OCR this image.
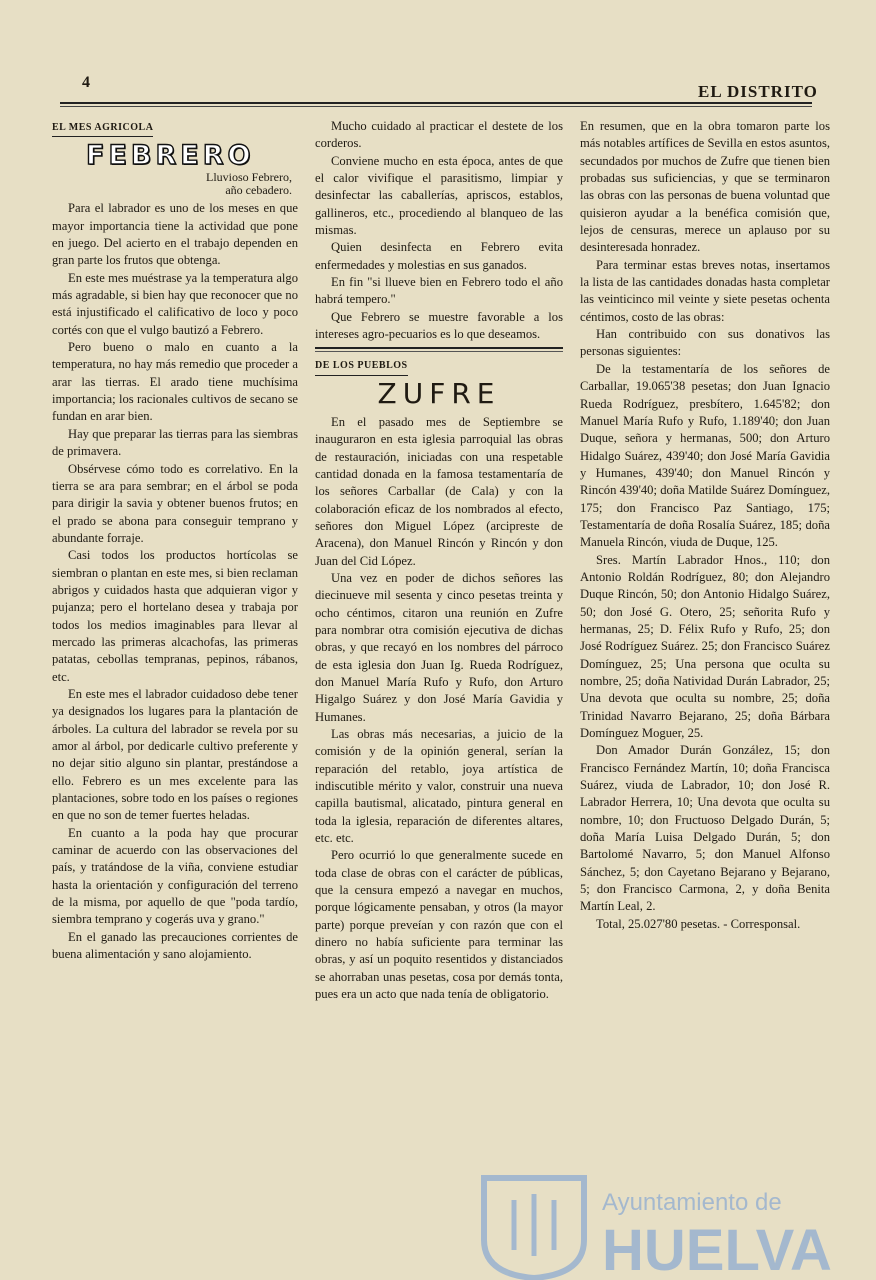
4	EL DISTRITO
EL MES AGRICOLA
FEBRERO
Lluvioso Febrero,
año cebadero.

Para el labrador es uno de los meses en que mayor importancia tiene la actividad que pone en juego. Del acierto en el trabajo dependen en gran parte los frutos que obtenga.

En este mes muéstrase ya la temperatura algo más agradable, si bien hay que reconocer que no está injustificado el calificativo de loco y poco cortés con que el vulgo bautizó a Febrero.

Pero bueno o malo en cuanto a la temperatura, no hay más remedio que proceder a arar las tierras. El arado tiene muchísima importancia; los racionales cultivos de secano se fundan en arar bien.

Hay que preparar las tierras para las siembras de primavera.

Obsérvese cómo todo es correlativo. En la tierra se ara para sembrar; en el árbol se poda para dirigir la savia y obtener buenos frutos; en el prado se abona para conseguir temprano y abundante forraje.

Casi todos los productos hortícolas se siembran o plantan en este mes, si bien reclaman abrigos y cuidados hasta que adquieran vigor y pujanza; pero el hortelano desea y trabaja por todos los medios imaginables para llevar al mercado las primeras alcachofas, las primeras patatas, cebollas tempranas, pepinos, rábanos, etc.

En este mes el labrador cuidadoso debe tener ya designados los lugares para la plantación de árboles. La cultura del labrador se revela por su amor al árbol, por dedicarle cultivo preferente y no dejar sitio alguno sin plantar, prestándose a ello. Febrero es un mes excelente para las plantaciones, sobre todo en los países o regiones en que no son de temer fuertes heladas.

En cuanto a la poda hay que procurar caminar de acuerdo con las observaciones del país, y tratándose de la viña, conviene estudiar hasta la orientación y configuración del terreno de la misma, por aquello de que "poda tardío, siembra temprano y cogerás uva y grano."

En el ganado las precauciones corrientes de buena alimentación y sano alojamiento.

Mucho cuidado al practicar el destete de los corderos.

Conviene mucho en esta época, antes de que el calor vivifique el parasitismo, limpiar y desinfectar las caballerías, apriscos, establos, gallineros, etc., procediendo al blanqueo de las mismas.

Quien desinfecta en Febrero evita enfermedades y molestias en sus ganados.

En fin "si llueve bien en Febrero todo el año habrá tempero."

Que Febrero se muestre favorable a los intereses agro-pecuarios es lo que deseamos.

DE LOS PUEBLOS
ZUFRE

En el pasado mes de Septiembre se inauguraron en esta iglesia parroquial las obras de restauración, iniciadas con una respetable cantidad donada en la famosa testamentaría de los señores Carballar (de Cala) y con la colaboración eficaz de los nombrados al efecto, señores don Miguel López (arcipreste de Aracena), don Manuel Rincón y Rincón y don Juan del Cid López.

Una vez en poder de dichos señores las diecinueve mil sesenta y cinco pesetas treinta y ocho céntimos, citaron una reunión en Zufre para nombrar otra comisión ejecutiva de dichas obras, y que recayó en los nombres del párroco de esta iglesia don Juan Ig. Rueda Rodríguez, don Manuel María Rufo y Rufo, don Arturo Higalgo Suárez y don José María Gavidia y Humanes.

Las obras más necesarias, a juicio de la comisión y de la opinión general, serían la reparación del retablo, joya artística de indiscutible mérito y valor, construir una nueva capilla bautismal, alicatado, pintura general en toda la iglesia, reparación de diferentes altares, etc. etc.

Pero ocurrió lo que generalmente sucede en toda clase de obras con el carácter de públicas, que la censura empezó a navegar en muchos, porque lógicamente pensaban, y otros (la mayor parte) porque preveían y con razón que con el dinero no había suficiente para terminar las obras, y así un poquito resentidos y distanciados se ahorraban unas pesetas, cosa por demás tonta, pues era un acto que nada tenía de obligatorio.

En resumen, que en la obra tomaron parte los más notables artífices de Sevilla en estos asuntos, secundados por muchos de Zufre que tienen bien probadas sus suficiencias, y que se terminaron las obras con las personas de buena voluntad que quisieron ayudar a la benéfica comisión que, lejos de censuras, merece un aplauso por su desinteresada honradez.

Para terminar estas breves notas, insertamos la lista de las cantidades donadas hasta completar las veinticinco mil veinte y siete pesetas ochenta céntimos, costo de las obras:

Han contribuido con sus donativos las personas siguientes:

De la testamentaría de los señores de Carballar, 19.065'38 pesetas; don Juan Ignacio Rueda Rodríguez, presbítero, 1.645'82; don Manuel María Rufo y Rufo, 1.189'40; don Juan Duque, señora y hermanas, 500; don Arturo Hidalgo Suárez, 439'40; don José María Gavidia y Humanes, 439'40; don Manuel Rincón y Rincón 439'40; doña Matilde Suárez Domínguez, 175; don Francisco Paz Santiago, 175; Testamentaría de doña Rosalía Suárez, 185; doña Manuela Rincón, viuda de Duque, 125.

Sres. Martín Labrador Hnos., 110; don Antonio Roldán Rodríguez, 80; don Alejandro Duque Rincón, 50; don Antonio Hidalgo Suárez, 50; don José G. Otero, 25; señorita Rufo y hermanas, 25; D. Félix Rufo y Rufo, 25; don José Rodríguez Suárez. 25; don Francisco Suárez Domínguez, 25; Una persona que oculta su nombre, 25; doña Natividad Durán Labrador, 25; Una devota que oculta su nombre, 25; doña Trinidad Navarro Bejarano, 25; doña Bárbara Domínguez Moguer, 25.

Don Amador Durán González, 15; don Francisco Fernández Martín, 10; doña Francisca Suárez, viuda de Labrador, 10; don José R. Labrador Herrera, 10; Una devota que oculta su nombre, 10; don Fructuoso Delgado Durán, 5; doña María Luisa Delgado Durán, 5; don Bartolomé Navarro, 5; don Manuel Alfonso Sánchez, 5; don Cayetano Bejarano y Bejarano, 5; don Francisco Carmona, 2, y doña Benita Martín Leal, 2.

Total, 25.027'80 pesetas. - Corresponsal.

Ayuntamiento de
HUELVA
